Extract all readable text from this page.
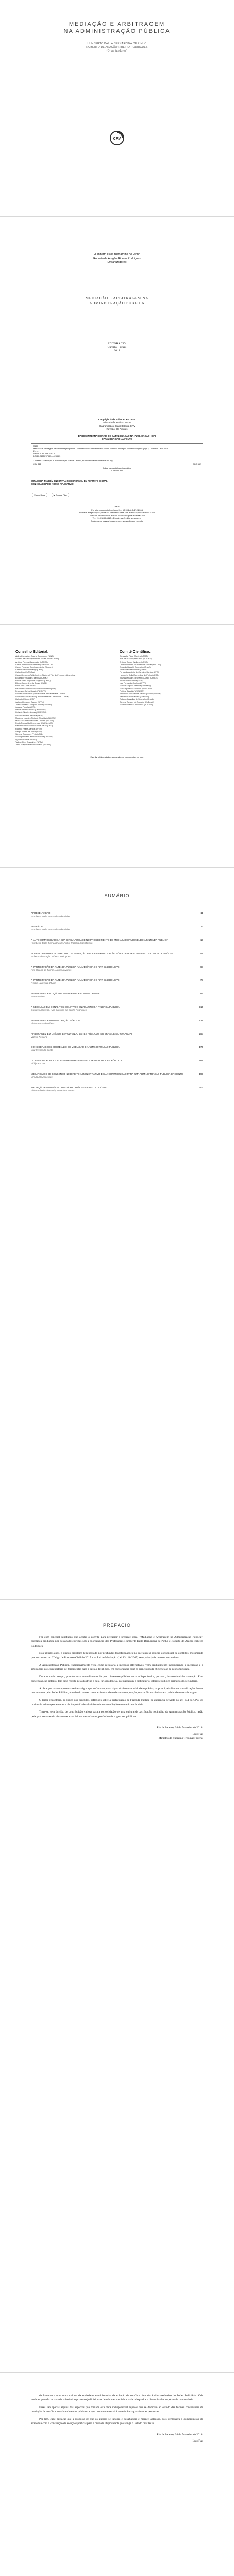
MEDIAÇÃO E ARBITRAGEM
NA ADMINISTRAÇÃO PÚBLICA
HUMBERTO DALLA BERNARDINA DE PINHO
ROBERTO DE ARAGÃO RIBEIRO RODRIGUES
(Organizadores)
CRV
Humberto Dalla Bernardina de Pinho
Roberto de Aragão Ribeiro Rodrigues
(Organizadores)
MEDIAÇÃO E ARBITRAGEM NA
ADMINISTRAÇÃO PÚBLICA
EDITORA CRV
Curitiba – Brasil
2018
Copyright © da Editora CRV Ltda.
Editor-chefe: Railson Moura
Diagramação e Capa: Editora CRV
Revisão: Os Autores
DADOS INTERNACIONAIS DE CATALOGAÇÃO NA PUBLICAÇÃO (CIP)
CATALOGAÇÃO NA FONTE
M489
Mediação e arbitragem na administração pública / Humberto Dalla Bernardina de Pinho, Roberto de Aragão Ribeiro Rodrigues (orgs.) – Curitiba: CRV, 2018.
214 p.
ISBN 978-85-444-2383-3
DOI 10.24824/978854442383.3
1. Direito 2. Mediação 3. Administração Pública I. Pinho, Humberto Dalla Bernardina de. org.
CDU 342	CDD 342
Índice para catálogo sistemático
1. Direito 342
ESTA OBRA TAMBÉM ENCONTRA-SE DISPONÍVEL EM FORMATO DIGITAL.
CONHEÇA E BAIXE NOSSO APLICATIVO!
App Store	▶ Google Play
2018
Foi feito o depósito legal conf. Lei 10.994 de 14/12/2004
Proibida a reprodução parcial ou total desta obra sem autorização da Editora CRV
Todos os direitos desta edição reservados pela: Editora CRV
Tel.: (41) 3039-6418 – E-mail: sac@editoracrv.com.br
Conheça os nossos lançamentos: www.editoracrv.com.br
Conselho Editorial:
Aldira Guimarães Duarte Domínguez (UNB)
Andréia da Silva Quintanilha Sousa (UNIR/UFRN)
Antônio Pereira Gaio Júnior (UFRRJ)
Carlos Alberto Vilar Estêvão (UMINHO – PT)
Carlos Federico Dominguez Avila (Unieuro)
Carmen Tereza Velanga (UNIR)
Celso Conti (UFSCar)
Cesar Gerónimo Tello (Univer. Nacional Três de Febrero – Argentina)
Eduardo Fernandes Barbosa (UFMG)
Elione Maria Nogueira Diogenes (UFAL)
Elizeu Clementino de Souza (UNEB)
Élsio José Corá (UFFS)
Fernando Antônio Gonçalves Alcoforado (IPB)
Francisco Carlos Duarte (PUC-PR)
Gloria Fariñas León (Universidade de La Havana – Cuba)
Guillermo Arias Beatón (Universidade de La Havana – Cuba)
Helmuth Krüger (UCP)
Jailson Alves dos Santos (UFRJ)
João Adalberto Campato Junior (UNESP)
Josania Portela (UFPI)
Leonel Severo Rocha (UNISINOS)
Lídia de Oliveira Xavier (UNIEURO)
Lourdes Helena da Silva (UFV)
Maria de Lourdes Pinto de Almeida (UNOESC)
Maria Lília Imbiriba Sousa Colares (UFOPA)
Paulo Romualdo Hernandes (UNIFAL-MG)
Renato Francisco dos Santos Paula (UFG)
Rodrigo Pratte-Santos (UFES)
Sérgio Nunes de Jesus (IFRO)
Simone Rodrigues Pinto (UNB)
Solange Helena Ximenes-Rocha (UFOPA)
Sydione Santos (UEPG)
Tadeu Oliver Gonçalves (UFPA)
Tania Suely Azevedo Brasileiro (UFOPA)
Comitê Científico:
Alexandre Pinto Moreira (UFMT)
Ana Paula Gonçalves Pita (PUC-RJ)
Antonio Carlos Wolkmer (UFSC)
Cinthia Obladen de Almendra Freitas (PUC-PR)
Eduardo Biacchi Gomes (UniBrasil)
Eliseu Raphael Venturi (UFPR)
Fernando Antônio de Carvalho Dantas (UFG)
Humberto Dalla Bernardina de Pinho (UERJ)
José Alcebiades de Oliveira Junior (UFRGS)
José Eduardo Faria (USP)
Luiz Fernando Coelho (UFPR)
Marcos Augusto Maliska (UniBrasil)
Maria Aparecida da Silva (UNIEURO)
Patrícia Bianchi (UNIEURO)
Raquel de Souza Dias Santos (Fundação Vale)
Renato de Sousa Neto (UniBrasil)
Roberto Carvalho de Souza (UniBrasil)
Simone Tavares de Andrade (UniBrasil)
Vladimir Oliveira da Silveira (PUC-SP)
Este livro foi avaliado e aprovado por pareceristas ad hoc.
SUMÁRIO
APRESENTAÇÃO
Humberto Dalla Bernardina de Pinho
11
PREFÁCIO
Humberto Dalla Bernardina de Pinho
13
A AUTOCOMPOSIÇÃO E A SUA CIRCULARIDADE NO PROCEDIMENTO DE MEDIAÇÃO ENVOLVENDO A FAZENDA PÚBLICA
Humberto Dalla Bernardina de Pinho, Patrícia Dias Ribeiro
15
POTENCIALIDADES DO TRATADO DE MEDIAÇÃO PARA A ADMINISTRAÇÃO PÚBLICA BASEADA NO ART. 32 DA LEI 13.140/2015
Roberto de Aragão Ribeiro Rodrigues
41
A PARTICIPAÇÃO DA FAZENDA PÚBLICA NA AUDIÊNCIA DO ART. 334 DO NCPC
Ana Valéria de Barros, Mariana Nunes
63
A PARTICIPAÇÃO DA FAZENDA PÚBLICA NA AUDIÊNCIA DO ART. 334 DO NCPC
Carlos Henrique Ribeiro
79
ARBITRAGEM E A LIÇÃO DE IMPROBIDADE ADMINISTRATIVA
Renata Alves
95
A MEDIAÇÃO EM CONFLITOS COLETIVOS ENVOLVENDO A FAZENDA PÚBLICA
Gustavo Azevedo, Ana Carolina de Souza Rodrigues
115
ARBITRAGEM E ADMINISTRAÇÃO PÚBLICA
Flávio Andrade Ribeiro
139
ARBITRAGEM EM LITÍGIOS ENVOLVENDO ENTES PÚBLICOS NO BRASIL E NO PARAGUAI
Valéria Ferreira
157
CONSIDERAÇÕES SOBRE A LEI DE MEDIAÇÃO E A ADMINISTRAÇÃO PÚBLICA
Luiz Fernando Costa
175
O DEVER DE PUBLICIDADE NA ARBITRAGEM ENVOLVENDO O PODER PÚBLICO
Philippe Cruz
189
MECANISMOS DE CONSENSO NO DIREITO ADMINISTRATIVO E SUA CONTRIBUIÇÃO PARA UMA ADMINISTRAÇÃO PÚBLICA EFICIENTE
Ursula Alburquerque
199
MEDIAÇÃO EM MATÉRIA TRIBUTÁRIA: ANÁLISE DA LEI 13.140/2015
Vivian Ribeiro de Paula, Francisco Neves
207
PREFÁCIO

Foi com especial satisfação que aceitei o convite para prefaciar a presente obra, "Mediação e Arbitragem na Administração Pública", coletânea produzida por destacados juristas sob a coordenação dos Professores Humberto Dalla Bernardina de Pinho e Roberto de Aragão Ribeiro Rodrigues.

Nos últimos anos, o direito brasileiro tem passado por profundas transformações no que tange à solução consensual de conflitos, movimento que encontrou no Código de Processo Civil de 2015 e na Lei de Mediação (Lei 13.140/2015) seus principais marcos normativos.

A Administração Pública, tradicionalmente vista como refratária a métodos alternativos, vem gradualmente incorporando a mediação e a arbitragem ao seu repertório de ferramentas para a gestão de litígios, em consonância com os princípios da eficiência e da economicidade.

Durante muito tempo, prevaleceu o entendimento de que o interesse público seria indisponível e, portanto, insuscetível de transação. Esta concepção, no entanto, tem sido revista pela doutrina e pela jurisprudência, que passaram a distinguir o interesse público primário do secundário.

A obra que ora se apresenta reúne artigos que enfrentam, com rigor técnico e sensibilidade prática, os principais dilemas da utilização desses mecanismos pelo Poder Público, abordando temas como a circularidade da autocomposição, os conflitos coletivos e a publicidade na arbitragem.

O leitor encontrará, ao longo dos capítulos, reflexões sobre a participação da Fazenda Pública na audiência prevista no art. 334 do CPC, os limites da arbitragem em casos de improbidade administrativa e a mediação em matéria tributária.

Trata-se, sem dúvida, de contribuição valiosa para a consolidação de uma cultura de pacificação no âmbito da Administração Pública, razão pela qual recomendo vivamente a sua leitura a estudantes, profissionais e gestores públicos.

Rio de Janeiro, 24 de fevereiro de 2018.
Luiz Fux
Ministro do Supremo Tribunal Federal

de fomento a uma nova cultura da sociedade administrativa da solução de conflitos fora do âmbito exclusivo do Poder Judiciário. Vale lembrar que não se trata de substituir o processo judicial, mas de oferecer caminhos mais adequados a determinadas espécies de controvérsia.

Esses são apenas alguns dos aspectos que tornam esta obra indispensável àqueles que se dedicam ao estudo das formas consensuais de resolução de conflitos envolvendo entes públicos, e que certamente servirá de referência para futuras pesquisas.

Por fim, cabe destacar que a proposta de que os autores se lançam é desafiadora e merece aplausos, pois demonstra o compromisso da academia com a construção de soluções práticas para a crise de litigiosidade que atinge o Estado brasileiro.

Rio de Janeiro, 24 de fevereiro de 2018.
Luiz Fux
